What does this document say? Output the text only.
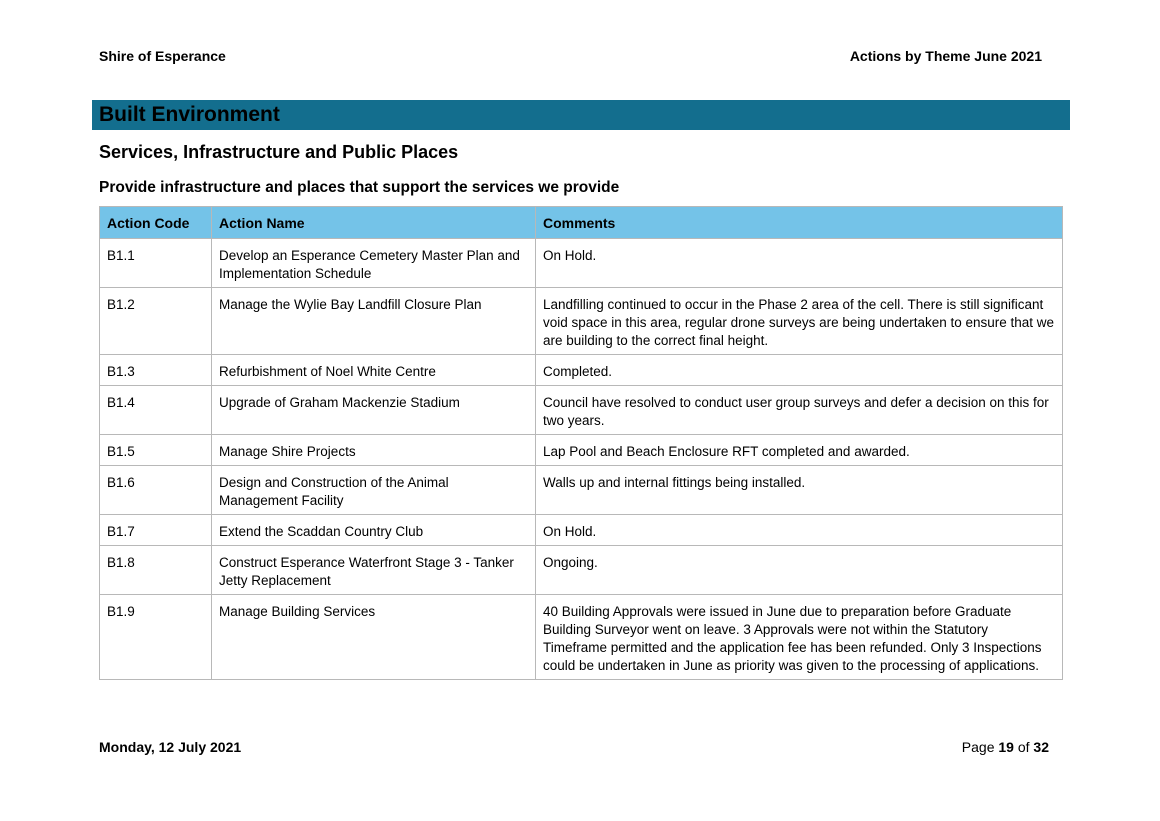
Shire of Esperance	Actions by Theme June 2021
Built Environment
Services, Infrastructure and Public Places
Provide infrastructure and places that support the services we provide
Action Code	Action Name	Comments
B1.1	Develop an Esperance Cemetery Master Plan and Implementation Schedule	On Hold.
B1.2	Manage the Wylie Bay Landfill Closure Plan	Landfilling continued to occur in the Phase 2 area of the cell. There is still significant void space in this area, regular drone surveys are being undertaken to ensure that we are building to the correct final height.
B1.3	Refurbishment of Noel White Centre	Completed.
B1.4	Upgrade of Graham Mackenzie Stadium	Council have resolved to conduct user group surveys and defer a decision on this for two years.
B1.5	Manage Shire Projects	Lap Pool and Beach Enclosure RFT completed and awarded.
B1.6	Design and Construction of the Animal Management Facility	Walls up and internal fittings being installed.
B1.7	Extend the Scaddan Country Club	On Hold.
B1.8	Construct Esperance Waterfront Stage 3 - Tanker Jetty Replacement	Ongoing.
B1.9	Manage Building Services	40 Building Approvals were issued in June due to preparation before Graduate Building Surveyor went on leave. 3 Approvals were not within the Statutory Timeframe permitted and the application fee has been refunded. Only 3 Inspections could be undertaken in June as priority was given to the processing of applications.
Monday, 12 July 2021	Page 19 of 32
